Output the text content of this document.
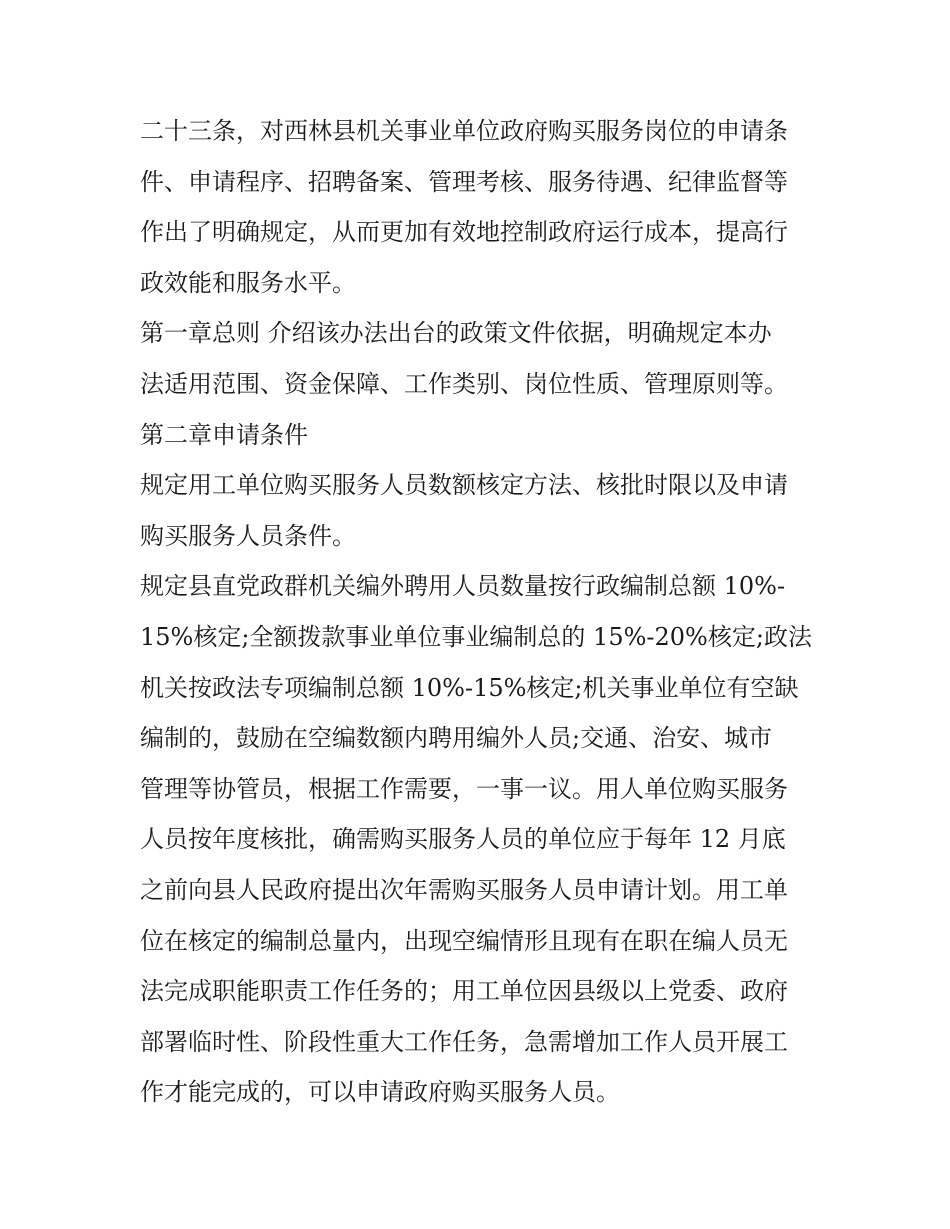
二十三条，对西林县机关事业单位政府购买服务岗位的申请条
件、申请程序、招聘备案、管理考核、服务待遇、纪律监督等
作出了明确规定，从而更加有效地控制政府运行成本，提高行
政效能和服务水平。
第一章总则 介绍该办法出台的政策文件依据，明确规定本办
法适用范围、资金保障、工作类别、岗位性质、管理原则等。
第二章申请条件
规定用工单位购买服务人员数额核定方法、核批时限以及申请
购买服务人员条件。
规定县直党政群机关编外聘用人员数量按行政编制总额 10%-
15%核定;全额拨款事业单位事业编制总的 15%-20%核定;政法
机关按政法专项编制总额 10%-15%核定;机关事业单位有空缺
编制的，鼓励在空编数额内聘用编外人员;交通、治安、城市
管理等协管员，根据工作需要，一事一议。用人单位购买服务
人员按年度核批，确需购买服务人员的单位应于每年 12 月底
之前向县人民政府提出次年需购买服务人员申请计划。用工单
位在核定的编制总量内，出现空编情形且现有在职在编人员无
法完成职能职责工作任务的；用工单位因县级以上党委、政府
部署临时性、阶段性重大工作任务，急需增加工作人员开展工
作才能完成的，可以申请政府购买服务人员。
